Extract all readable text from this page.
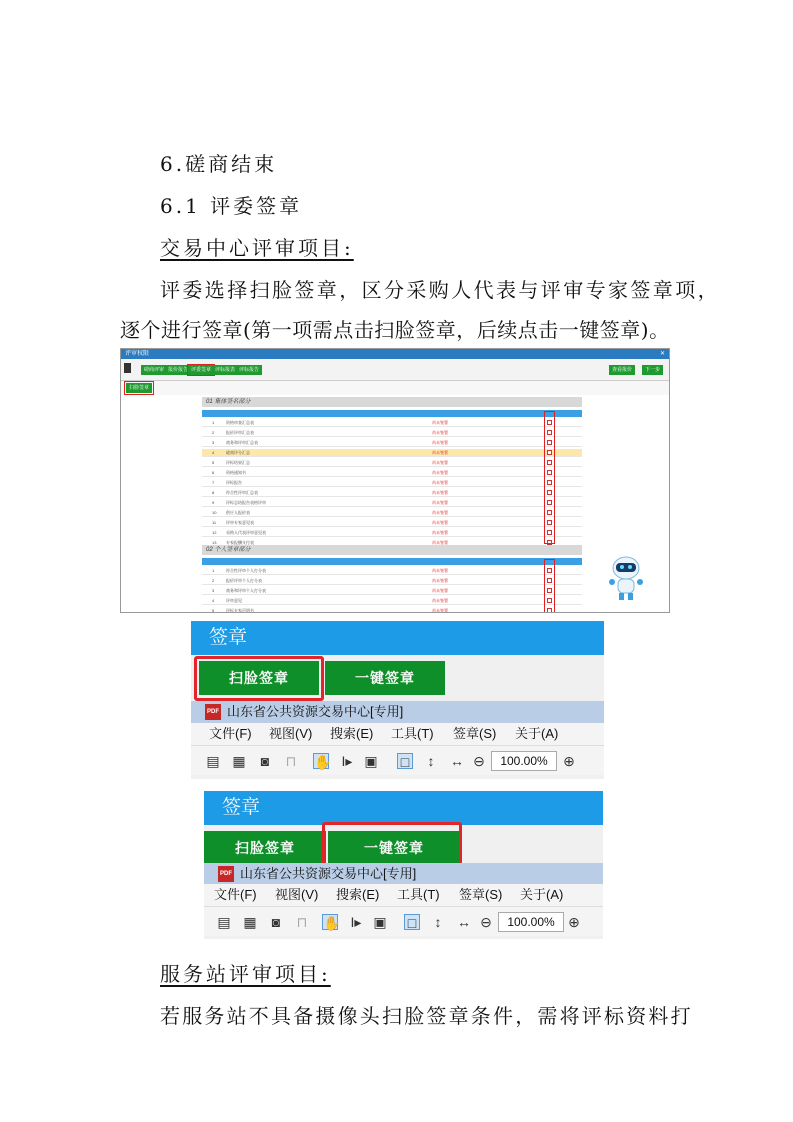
6.磋商结束
6.1 评委签章
交易中心评审项目:
评委选择扫脸签章，区分采购人代表与评审专家签章项，
逐个进行签章(第一项需点击扫脸签章，后续点击一键签章)。
评审权限	✕
磋商评审 报价报告 评委签章 评标报表 评标报告	查看报价	下一步
扫脸签章
01 集体签名部分
1	资格审查汇总表	尚未签署
2	报价评审汇总表	尚未签署
3	商务和评审汇总表	尚未签署
4	磋商评分汇总	尚未签署
5	评标结果汇总	尚未签署
6	资格通知书	尚未签署
7	评标报告	尚未签署
8	符合性评审汇总表	尚未签署
9	评标总结报告表格评审	尚未签署
10 供应人报价表	尚未签署
11 评审专家意见表	尚未签署
12 采购人代表评审意见表	尚未签署
13 专家报酬支付表	尚未签署
02 个人签章部分
1	符合性评审个人打分表	尚未签署
2	报价评审个人打分表	尚未签署
3	商务和评审个人打分表	尚未签署
4	评审意见	尚未签署
5	评标专家声明书	尚未签署
签章
扫脸签章	一键签章
山东省公共资源交易中心[专用]
PDF
文件(F) 视图(V) 搜索(E) 工具(T) 签章(S) 关于(A)
▤ ▦ ◙ ⊓ ✋ I▸ ▣ □	↕	↔ ⊖	100.00%	⊕
签章
扫脸签章	一键签章
山东省公共资源交易中心[专用]
PDF
文件(F) 视图(V) 搜索(E) 工具(T) 签章(S) 关于(A)
▤ ▦ ◙ ⊓ ✋ I▸ ▣ □	↕	↔ ⊖	100.00% ⊕
服务站评审项目:
若服务站不具备摄像头扫脸签章条件，需将评标资料打
